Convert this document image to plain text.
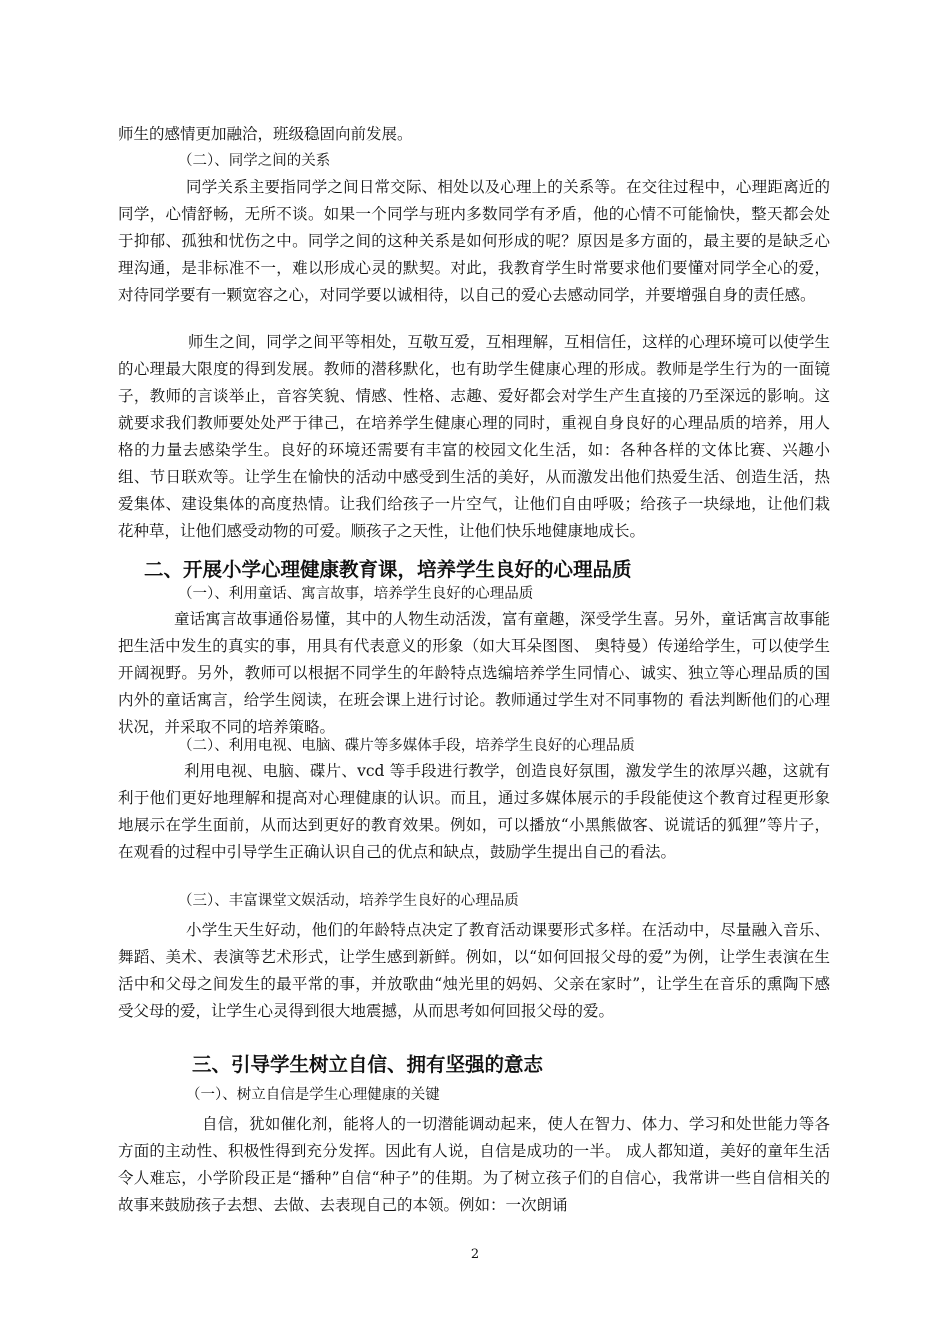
师生的感情更加融洽，班级稳固向前发展。

（二）、同学之间的关系

同学关系主要指同学之间日常交际、相处以及心理上的关系等。在交往过程中，心理距离近的同学，心情舒畅，无所不谈。如果一个同学与班内多数同学有矛盾，他的心情不可能愉快，整天都会处于抑郁、孤独和忧伤之中。同学之间的这种关系是如何形成的呢？原因是多方面的，最主要的是缺乏心理沟通，是非标准不一，难以形成心灵的默契。对此，我教育学生时常要求他们要懂对同学全心的爱，对待同学要有一颗宽容之心，对同学要以诚相待，以自己的爱心去感动同学，并要增强自身的责任感。

师生之间，同学之间平等相处，互敬互爱，互相理解，互相信任，这样的心理环境可以使学生的心理最大限度的得到发展。教师的潜移默化，也有助学生健康心理的形成。教师是学生行为的一面镜子，教师的言谈举止，音容笑貌、情感、性格、志趣、爱好都会对学生产生直接的乃至深远的影响。这就要求我们教师要处处严于律己，在培养学生健康心理的同时，重视自身良好的心理品质的培养，用人格的力量去感染学生。良好的环境还需要有丰富的校园文化生活，如：各种各样的文体比赛、兴趣小组、节日联欢等。让学生在愉快的活动中感受到生活的美好，从而激发出他们热爱生活、创造生活，热爱集体、建设集体的高度热情。让我们给孩子一片空气，让他们自由呼吸；给孩子一块绿地，让他们栽花种草，让他们感受动物的可爱。顺孩子之天性，让他们快乐地健康地成长。

二、开展小学心理健康教育课，培养学生良好的心理品质

（一）、利用童话、寓言故事，培养学生良好的心理品质

童话寓言故事通俗易懂，其中的人物生动活泼，富有童趣，深受学生喜。另外，童话寓言故事能把生活中发生的真实的事，用具有代表意义的形象（如大耳朵图图、 奥特曼）传递给学生，可以使学生开阔视野。另外，教师可以根据不同学生的年龄特点选编培养学生同情心、诚实、独立等心理品质的国内外的童话寓言，给学生阅读，在班会课上进行讨论。教师通过学生对不同事物的 看法判断他们的心理状况，并采取不同的培养策略。

（二）、利用电视、电脑、碟片等多媒体手段，培养学生良好的心理品质

利用电视、电脑、碟片、vcd 等手段进行教学，创造良好氛围，激发学生的浓厚兴趣，这就有利于他们更好地理解和提高对心理健康的认识。而且，通过多媒体展示的手段能使这个教育过程更形象地展示在学生面前，从而达到更好的教育效果。例如，可以播放“小黑熊做客、说谎话的狐狸”等片子，在观看的过程中引导学生正确认识自己的优点和缺点，鼓励学生提出自己的看法。

（三）、丰富课堂文娱活动，培养学生良好的心理品质

小学生天生好动，他们的年龄特点决定了教育活动课要形式多样。在活动中，尽量融入音乐、舞蹈、美术、表演等艺术形式，让学生感到新鲜。例如，以“如何回报父母的爱”为例，让学生表演在生活中和父母之间发生的最平常的事，并放歌曲“烛光里的妈妈、父亲在家时”，让学生在音乐的熏陶下感受父母的爱，让学生心灵得到很大地震撼，从而思考如何回报父母的爱。

三、引导学生树立自信、拥有坚强的意志

（一）、树立自信是学生心理健康的关键

自信，犹如催化剂，能将人的一切潜能调动起来，使人在智力、体力、学习和处世能力等各方面的主动性、积极性得到充分发挥。因此有人说，自信是成功的一半。 成人都知道，美好的童年生活令人难忘，小学阶段正是“播种”自信“种子”的佳期。为了树立孩子们的自信心，我常讲一些自信相关的故事来鼓励孩子去想、去做、去表现自己的本领。例如：一次朗诵

2
